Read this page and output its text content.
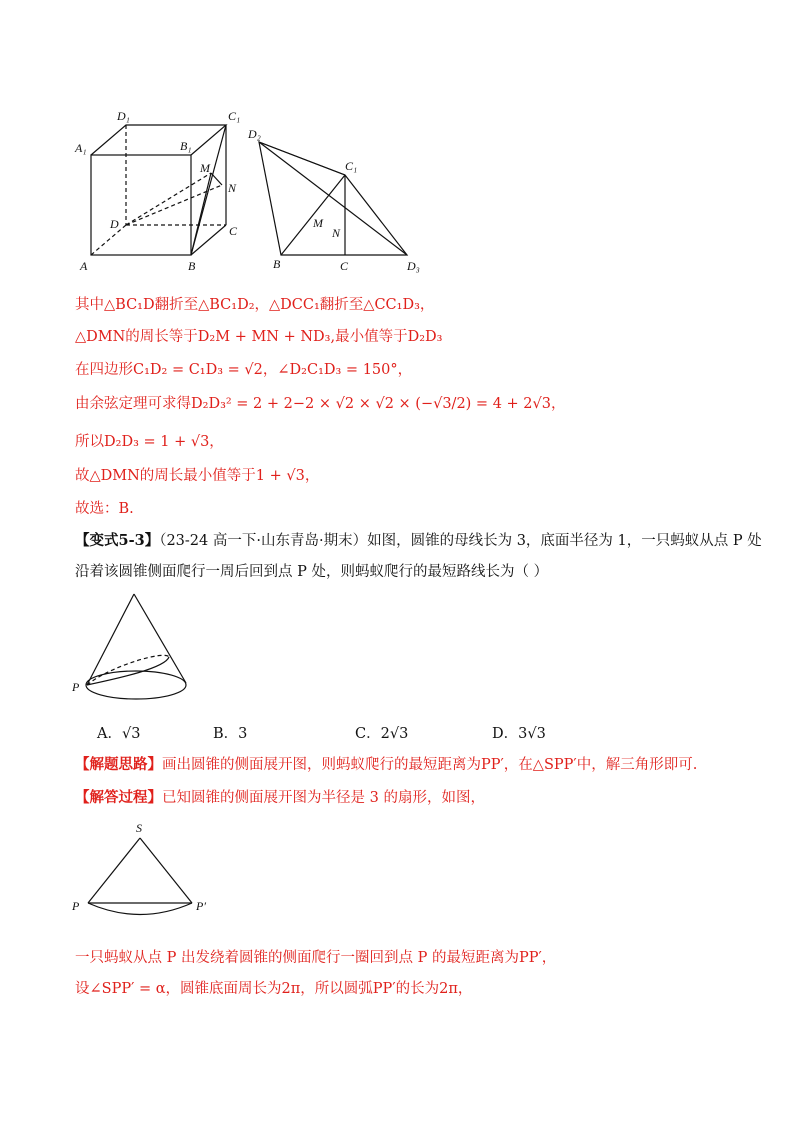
D₁	C₁
A₁	B₁
M
N
D	C
A	B
D₂
C₁
M
N
B	C	D₃
其中△BC₁D翻折至△BC₁D₂，△DCC₁翻折至△CC₁D₃，
△DMN的周长等于D₂M + MN + ND₃,最小值等于D₂D₃
在四边形C₁D₂ = C₁D₃ = √2，∠D₂C₁D₃ = 150°，
由余弦定理可求得D₂D₃² = 2 + 2−2 × √2 × √2 × (−√3/2) = 4 + 2√3，
所以D₂D₃ = 1 + √3，
故△DMN的周长最小值等于1 + √3，
故选：B.
【变式5-3】（23-24 高一下·山东青岛·期末）如图，圆锥的母线长为 3，底面半径为 1，一只蚂蚁从点 P 处
沿着该圆锥侧面爬行一周后回到点 P 处，则蚂蚁爬行的最短路线长为（ ）
P
A．√3	B．3	C．2√3	D．3√3
【解题思路】画出圆锥的侧面展开图，则蚂蚁爬行的最短距离为PP′，在△SPP′中，解三角形即可.
【解答过程】已知圆锥的侧面展开图为半径是 3 的扇形，如图，
S
P	P′
一只蚂蚁从点 P 出发绕着圆锥的侧面爬行一圈回到点 P 的最短距离为PP′，
设∠SPP′ = α，圆锥底面周长为2π，所以圆弧PP′的长为2π，
